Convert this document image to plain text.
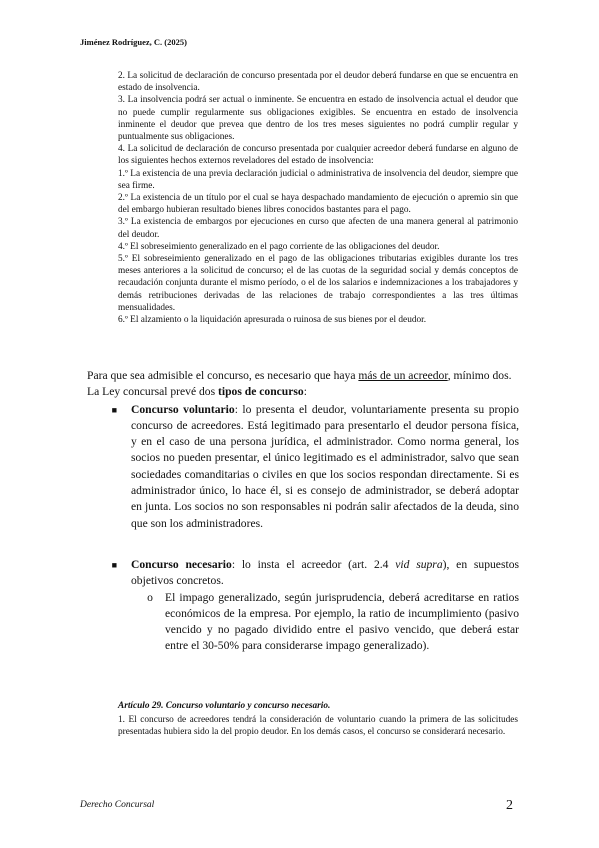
Jiménez Rodríguez, C. (2025)

2. La solicitud de declaración de concurso presentada por el deudor deberá fundarse en que se encuentra en estado de insolvencia.

3. La insolvencia podrá ser actual o inminente. Se encuentra en estado de insolvencia actual el deudor que no puede cumplir regularmente sus obligaciones exigibles. Se encuentra en estado de insolvencia inminente el deudor que prevea que dentro de los tres meses siguientes no podrá cumplir regular y puntualmente sus obligaciones.

4. La solicitud de declaración de concurso presentada por cualquier acreedor deberá fundarse en alguno de los siguientes hechos externos reveladores del estado de insolvencia:

1.º La existencia de una previa declaración judicial o administrativa de insolvencia del deudor, siempre que sea firme.

2.º La existencia de un título por el cual se haya despachado mandamiento de ejecución o apremio sin que del embargo hubieran resultado bienes libres conocidos bastantes para el pago.

3.º La existencia de embargos por ejecuciones en curso que afecten de una manera general al patrimonio del deudor.

4.º El sobreseimiento generalizado en el pago corriente de las obligaciones del deudor.

5.º El sobreseimiento generalizado en el pago de las obligaciones tributarias exigibles durante los tres meses anteriores a la solicitud de concurso; el de las cuotas de la seguridad social y demás conceptos de recaudación conjunta durante el mismo período, o el de los salarios e indemnizaciones a los trabajadores y demás retribuciones derivadas de las relaciones de trabajo correspondientes a las tres últimas mensualidades.

6.º El alzamiento o la liquidación apresurada o ruinosa de sus bienes por el deudor.

Para que sea admisible el concurso, es necesario que haya más de un acreedor, mínimo dos.

La Ley concursal prevé dos tipos de concurso:

■	Concurso voluntario: lo presenta el deudor, voluntariamente presenta su propio concurso de acreedores. Está legitimado para presentarlo el deudor persona física, y en el caso de una persona jurídica, el administrador. Como norma general, los socios no pueden presentar, el único legitimado es el administrador, salvo que sean sociedades comanditarias o civiles en que los socios respondan directamente. Si es administrador único, lo hace él, si es consejo de administrador, se deberá adoptar en junta. Los socios no son responsables ni podrán salir afectados de la deuda, sino que son los administradores.
■	Concurso necesario: lo insta el acreedor (art. 2.4 vid supra), en supuestos objetivos concretos.
o	El impago generalizado, según jurisprudencia, deberá acreditarse en ratios económicos de la empresa. Por ejemplo, la ratio de incumplimiento (pasivo vencido y no pagado dividido entre el pasivo vencido, que deberá estar entre el 30-50% para considerarse impago generalizado).

Artículo 29. Concurso voluntario y concurso necesario.

1. El concurso de acreedores tendrá la consideración de voluntario cuando la primera de las solicitudes presentadas hubiera sido la del propio deudor. En los demás casos, el concurso se considerará necesario.

Derecho Concursal	2
